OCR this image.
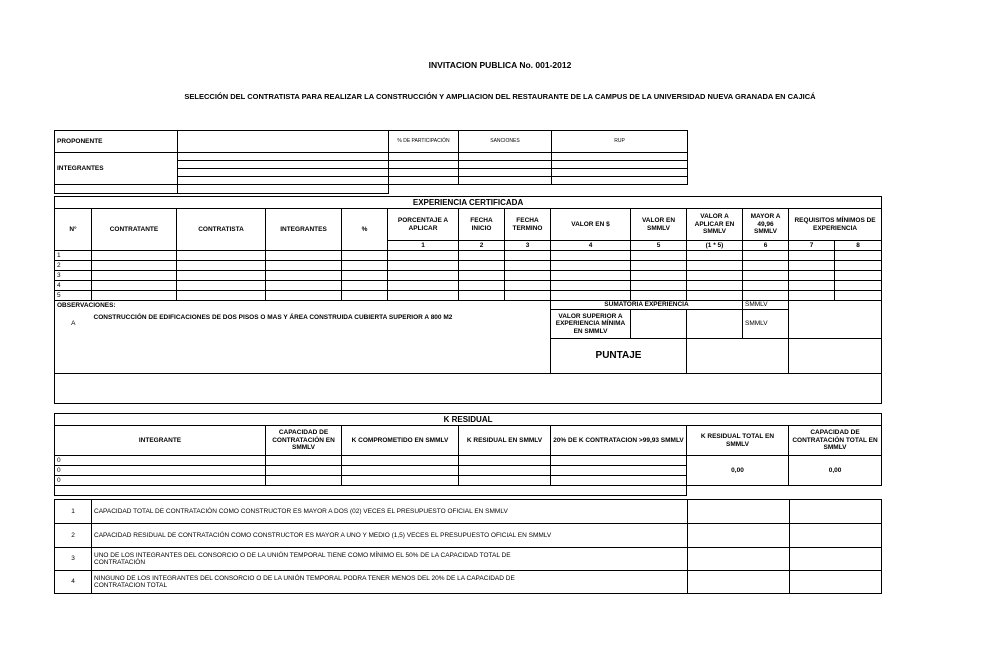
INVITACION PUBLICA No. 001-2012
SELECCIÓN DEL CONTRATISTA PARA REALIZAR LA CONSTRUCCIÓN Y AMPLIACION DEL RESTAURANTE DE LA CAMPUS DE LA UNIVERSIDAD NUEVA GRANADA EN CAJICÁ
PROPONENTE		% DE PARTICIPACIÓN	SANCIONES	RUP
INTEGRANTES				

EXPERIENCIA CERTIFICADA													
N°	CONTRATANTE	CONTRATISTA	INTEGRANTES	%	PORCENTAJE A APLICAR	FECHA INICIO	FECHA TERMINO	VALOR EN $	VALOR EN SMMLV	VALOR A APLICAR EN SMMLV	MAYOR A 49,96 SMMLV	REQUISITOS MÍNIMOS DE EXPERIENCIA	
					1	2	3	4	5	(1 * 5)	6	7	8
1													
2													
3													
4													
5													
OBSERVACIONES:								SUMATORIA EXPERIENCIA			SMMLV		
A	CONSTRUCCIÓN DE EDIFICACIONES DE DOS PISOS O MAS Y ÁREA CONSTRUIDA CUBIERTA SUPERIOR A 800 M2							VALOR SUPERIOR A EXPERIENCIA MÍNIMA EN SMMLV			SMMLV		
								PUNTAJE					

K RESIDUAL						
INTEGRANTE	CAPACIDAD DE CONTRATACIÓN EN SMMLV	K COMPROMETIDO EN SMMLV	K RESIDUAL EN SMMLV	20% DE K CONTRATACION >99,93 SMMLV	K RESIDUAL TOTAL EN SMMLV	CAPACIDAD DE CONTRATACIÓN TOTAL EN SMMLV
0					0,00	0,00
0						
0						

1	CAPACIDAD TOTAL DE CONTRATACIÓN COMO CONSTRUCTOR ES MAYOR A DOS (02) VECES EL PRESUPUESTO OFICIAL EN SMMLV		
2	CAPACIDAD RESIDUAL DE CONTRATACIÓN COMO CONSTRUCTOR ES MAYOR A UNO Y MEDIO (1,5) VECES EL PRESUPUESTO OFICIAL EN SMMLV		
3	UNO DE LOS INTEGRANTES DEL CONSORCIO O DE LA UNIÓN TEMPORAL TIENE COMO MÍNIMO EL 50% DE LA CAPACIDAD TOTAL DE CONTRATACIÓN		

4	NINGUNO DE LOS INTEGRANTES DEL CONSORCIO O DE LA UNIÓN TEMPORAL PODRA TENER MENOS DEL 20% DE LA CAPACIDAD DE CONTRATACION TOTAL		
